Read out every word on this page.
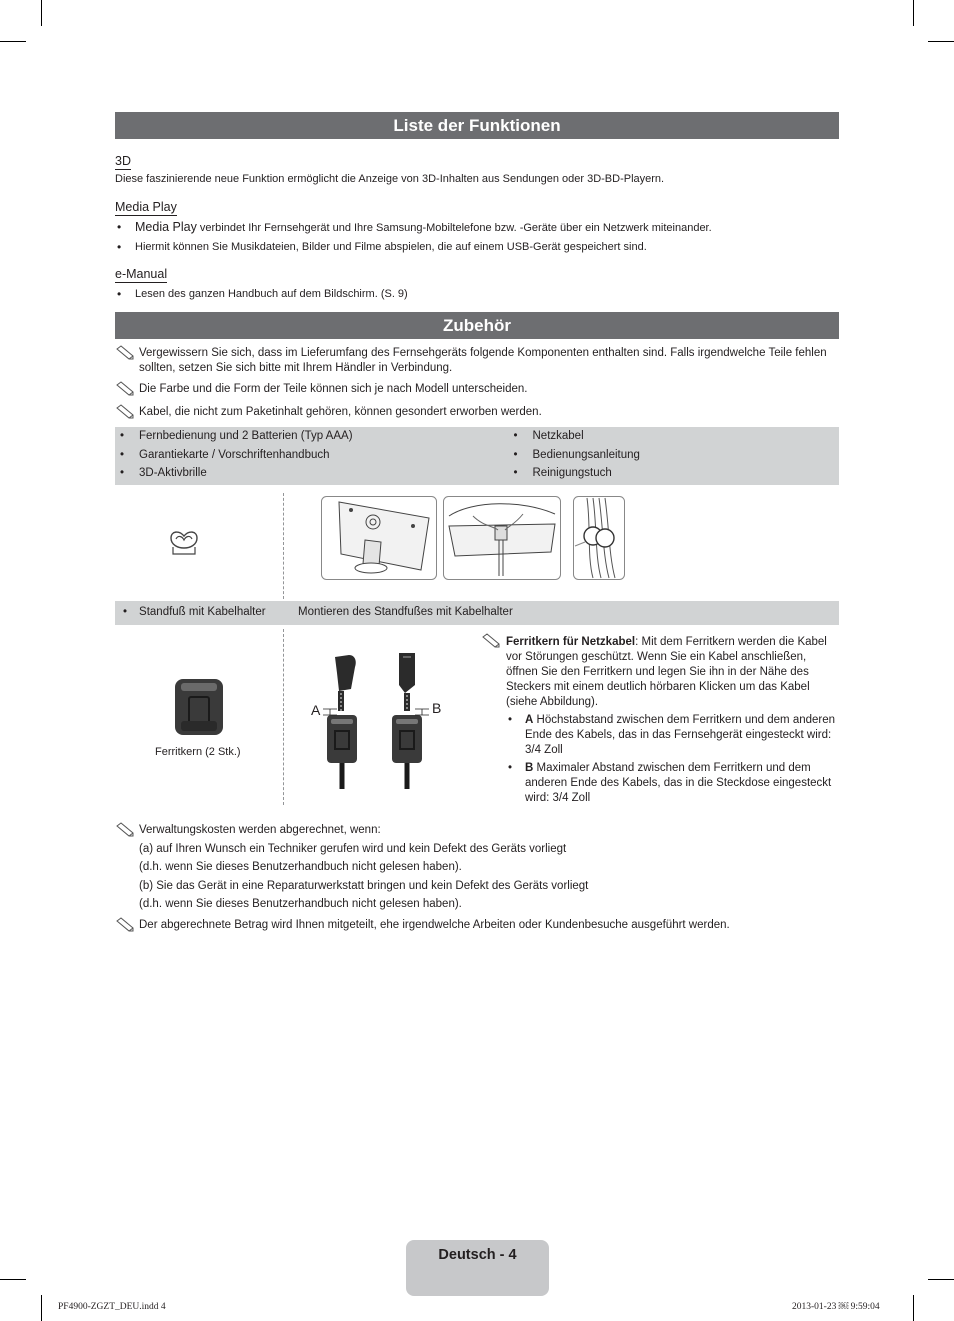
Liste der Funktionen
3D
Diese faszinierende neue Funktion ermöglicht die Anzeige von 3D-Inhalten aus Sendungen oder 3D-BD-Playern.
Media Play
• Media Play verbindet Ihr Fernsehgerät und Ihre Samsung-Mobiltelefone bzw. -Geräte über ein Netzwerk miteinander.
• Hiermit können Sie Musikdateien, Bilder und Filme abspielen, die auf einem USB-Gerät gespeichert sind.
e-Manual
• Lesen des ganzen Handbuch auf dem Bildschirm. (S. 9)
Zubehör
Vergewissern Sie sich, dass im Lieferumfang des Fernsehgeräts folgende Komponenten enthalten sind. Falls irgendwelche Teile fehlen sollten, setzen Sie sich bitte mit Ihrem Händler in Verbindung.
Die Farbe und die Form der Teile können sich je nach Modell unterscheiden.
Kabel, die nicht zum Paketinhalt gehören, können gesondert erworben werden.
• Fernbedienung und 2 Batterien (Typ AAA)
• Garantiekarte / Vorschriftenhandbuch
• 3D-Aktivbrille
• Netzkabel
• Bedienungsanleitung
• Reinigungstuch
• Standfuß mit Kabelhalter	Montieren des Standfußes mit Kabelhalter
Ferritkern (2 Stk.)
A	B
Ferritkern für Netzkabel: Mit dem Ferritkern werden die Kabel vor Störungen geschützt. Wenn Sie ein Kabel anschließen, öffnen Sie den Ferritkern und legen Sie ihn in der Nähe des Steckers mit einem deutlich hörbaren Klicken um das Kabel (siehe Abbildung).
• A Höchstabstand zwischen dem Ferritkern und dem anderen Ende des Kabels, das in das Fernsehgerät eingesteckt wird: 3/4 Zoll
• B Maximaler Abstand zwischen dem Ferritkern und dem anderen Ende des Kabels, das in die Steckdose eingesteckt wird: 3/4 Zoll
Verwaltungskosten werden abgerechnet, wenn:
(a) auf Ihren Wunsch ein Techniker gerufen wird und kein Defekt des Geräts vorliegt
(d.h. wenn Sie dieses Benutzerhandbuch nicht gelesen haben).
(b) Sie das Gerät in eine Reparaturwerkstatt bringen und kein Defekt des Geräts vorliegt
(d.h. wenn Sie dieses Benutzerhandbuch nicht gelesen haben).
Der abgerechnete Betrag wird Ihnen mitgeteilt, ehe irgendwelche Arbeiten oder Kundenbesuche ausgeführt werden.
Deutsch - 4
PF4900-ZGZT_DEU.indd 4	2013-01-23 ￼ 9:59:04
